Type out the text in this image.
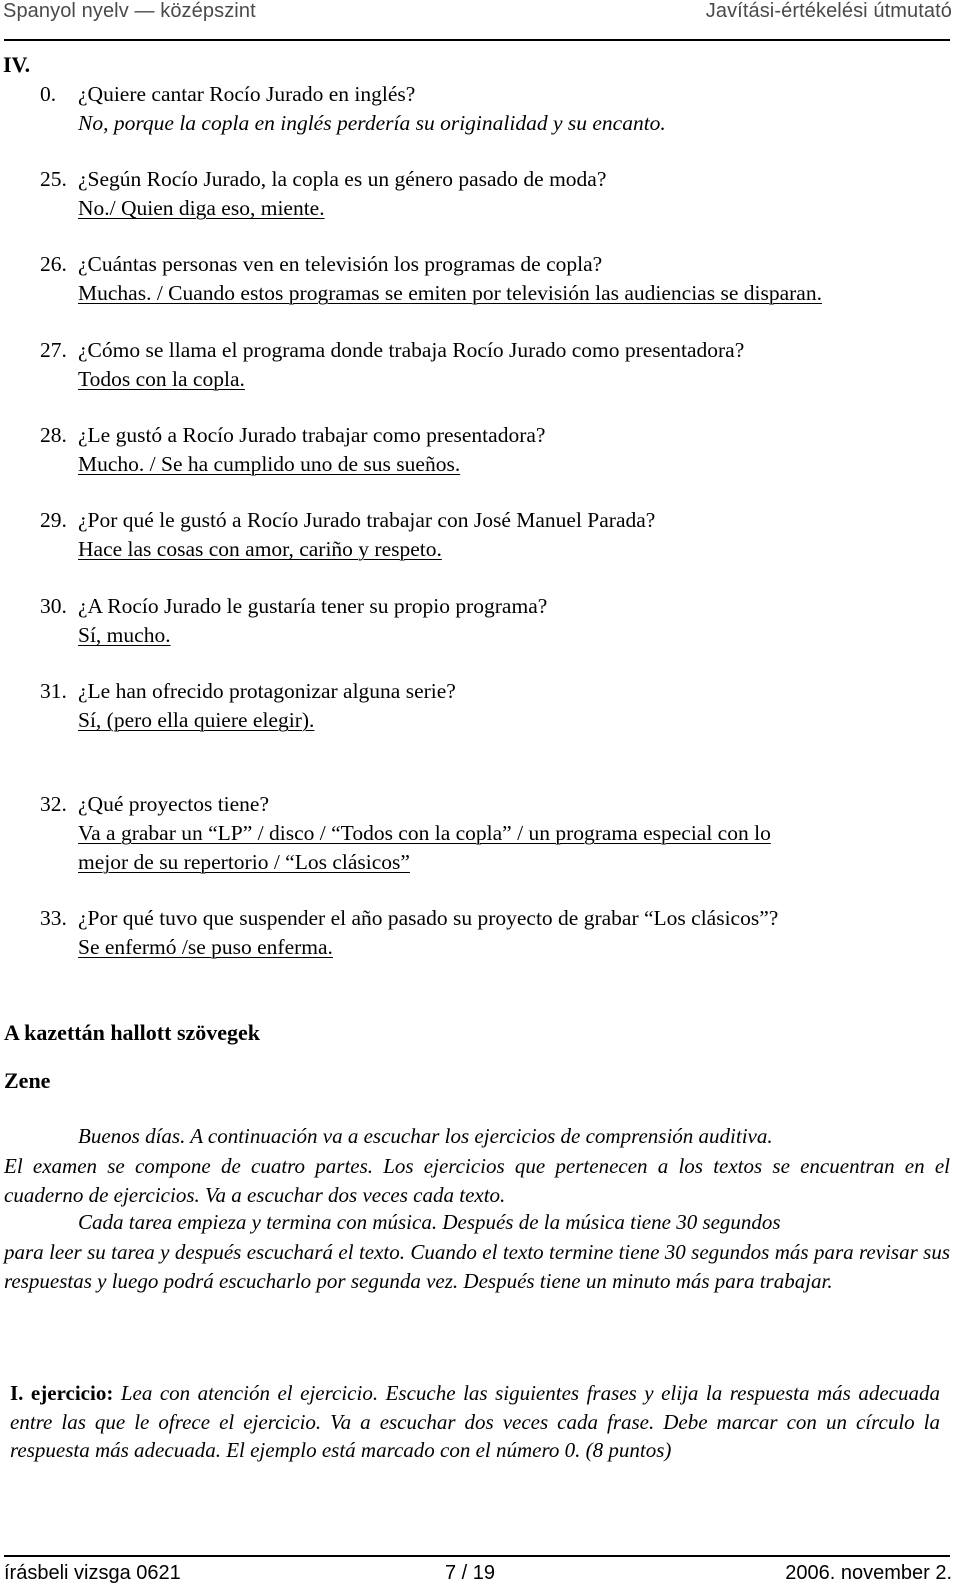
Spanyol nyelv — középszint	Javítási-értékelési útmutató
IV.
0. ¿Quiere cantar Rocío Jurado en inglés?
No, porque la copla en inglés perdería su originalidad y su encanto.
25. ¿Según Rocío Jurado, la copla es un género pasado de moda?
No./ Quien diga eso, miente.
26. ¿Cuántas personas ven en televisión los programas de copla?
Muchas. / Cuando estos programas se emiten por televisión las audiencias se disparan.
27. ¿Cómo se llama el programa donde trabaja Rocío Jurado como presentadora?
Todos con la copla.
28. ¿Le gustó a Rocío Jurado trabajar como presentadora?
Mucho. / Se ha cumplido uno de sus sueños.
29. ¿Por qué le gustó a Rocío Jurado trabajar con José Manuel Parada?
Hace las cosas con amor, cariño y respeto.
30. ¿A Rocío Jurado le gustaría tener su propio programa?
Sí, mucho.
31. ¿Le han ofrecido protagonizar alguna serie?
Sí, (pero ella quiere elegir).
32. ¿Qué proyectos tiene?
Va a grabar un “LP” / disco / “Todos con la copla” / un programa especial con lo
mejor de su repertorio / “Los clásicos”
33. ¿Por qué tuvo que suspender el año pasado su proyecto de grabar “Los clásicos”?
Se enfermó /se puso enferma.
A kazettán hallott szövegek
Zene
Buenos días. A continuación va a escuchar los ejercicios de comprensión auditiva.
El examen se compone de cuatro partes. Los ejercicios que pertenecen a los textos se encuentran en el cuaderno de ejercicios. Va a escuchar dos veces cada texto.
Cada tarea empieza y termina con música. Después de la música tiene 30 segundos
para leer su tarea y después escuchará el texto. Cuando el texto termine tiene 30 segundos más para revisar sus respuestas y luego podrá escucharlo por segunda vez. Después tiene un minuto más para trabajar.
I. ejercicio: Lea con atención el ejercicio. Escuche las siguientes frases y elija la respuesta más adecuada entre las que le ofrece el ejercicio. Va a escuchar dos veces cada frase. Debe marcar con un círculo la respuesta más adecuada. El ejemplo está marcado con el número 0. (8 puntos)
írásbeli vizsga 0621	7 / 19	2006. november 2.
